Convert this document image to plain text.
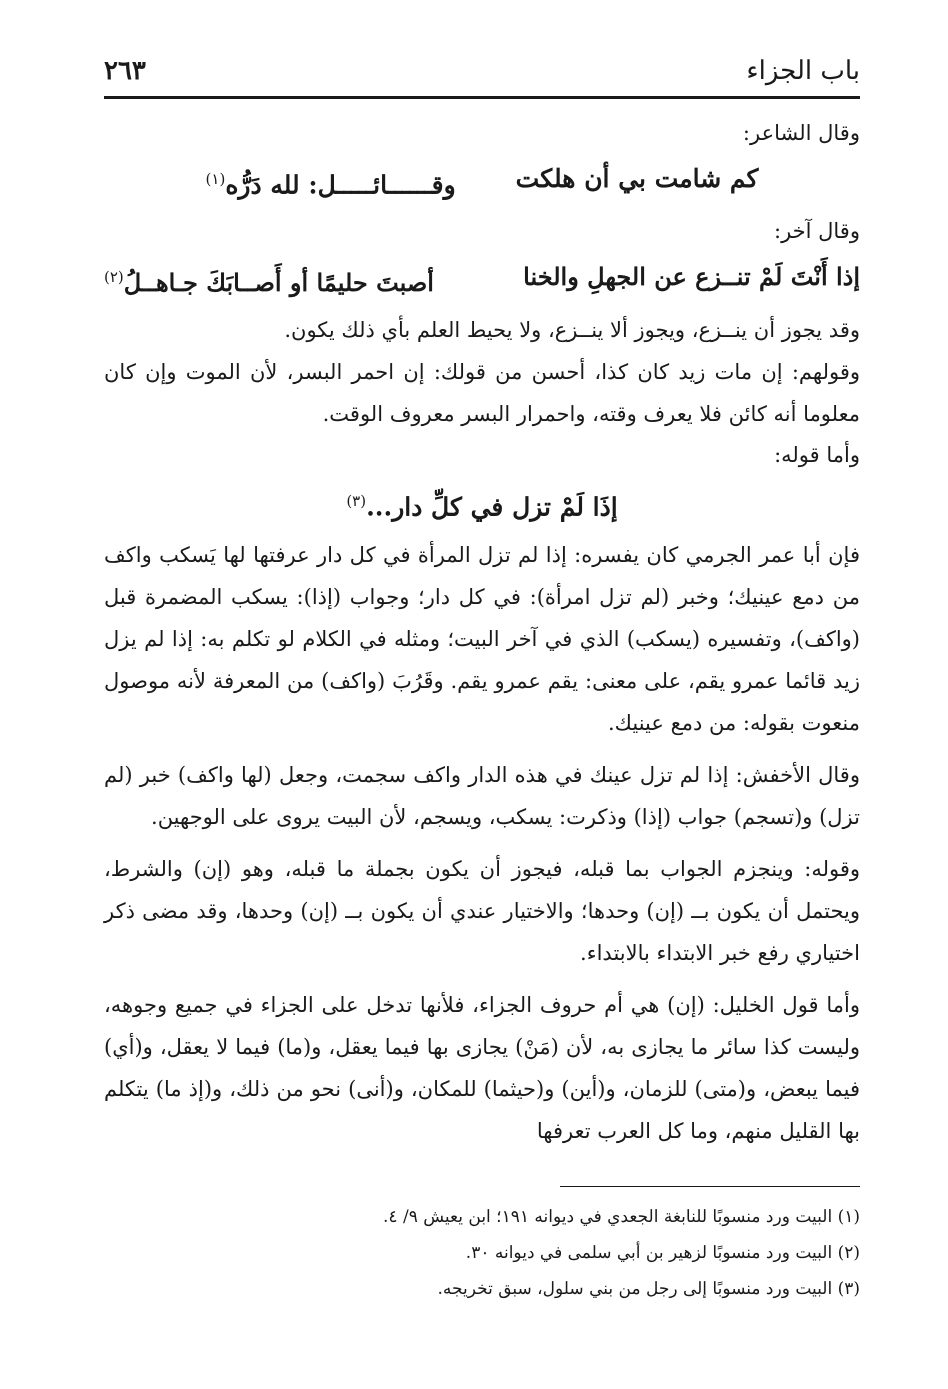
باب الجزاء
٢٦٣

وقال الشاعر:

كم شامت بي أن هلكت
وقــــــائـــــل: لله دَرُّه$^{(١)}$

وقال آخر:

إذا أَنْتَ لَمْ تنــزع عن الجهلِ والخنا
أصبتَ حليمًا أو أَصــابَكَ جـاهــلُ$^{(٢)}$

وقد يجوز أن ينــزع، ويجوز ألا ينــزع، ولا يحيط العلم بأي ذلك يكون.

وقولهم: إن مات زيد كان كذا، أحسن من قولك: إن احمر البسر، لأن الموت وإن كان معلوما أنه كائن فلا يعرف وقته، واحمرار البسر معروف الوقت.

وأما قوله:

إذَا لَمْ تزل في كلِّ دار...$^{(٣)}$

فإن أبا عمر الجرمي كان يفسره: إذا لم تزل المرأة في كل دار عرفتها لها يَسكب واكف من دمع عينيك؛ وخبر (لم تزل امرأة): في كل دار؛ وجواب (إذا): يسكب المضمرة قبل (واكف)، وتفسيره (يسكب) الذي في آخر البيت؛ ومثله في الكلام لو تكلم به: إذا لم يزل زيد قائما عمرو يقم، على معنى: يقم عمرو يقم. وقَرُبَ (واكف) من المعرفة لأنه موصول منعوت بقوله: من دمع عينيك.

وقال الأخفش: إذا لم تزل عينك في هذه الدار واكف سجمت، وجعل (لها واكف) خبر (لم تزل) و(تسجم) جواب (إذا) وذكرت: يسكب، ويسجم، لأن البيت يروى على الوجهين.

وقوله: وينجزم الجواب بما قبله، فيجوز أن يكون بجملة ما قبله، وهو (إن) والشرط، ويحتمل أن يكون بــ (إن) وحدها؛ والاختيار عندي أن يكون بــ (إن) وحدها، وقد مضى ذكر اختياري رفع خبر الابتداء بالابتداء.

وأما قول الخليل: (إن) هي أم حروف الجزاء، فلأنها تدخل على الجزاء في جميع وجوهه، وليست كذا سائر ما يجازى به، لأن (مَنْ) يجازى بها فيما يعقل، و(ما) فيما لا يعقل، و(أي) فيما يبعض، و(متى) للزمان، و(أين) و(حيثما) للمكان، و(أنى) نحو من ذلك، و(إذ ما) يتكلم بها القليل منهم، وما كل العرب تعرفها

(١) البيت ورد منسوبًا للنابغة الجعدي في ديوانه ١٩١؛ ابن يعيش ٩/ ٤.

(٢) البيت ورد منسوبًا لزهير بن أبي سلمى في ديوانه ٣٠.

(٣) البيت ورد منسوبًا إلى رجل من بني سلول، سبق تخريجه.
